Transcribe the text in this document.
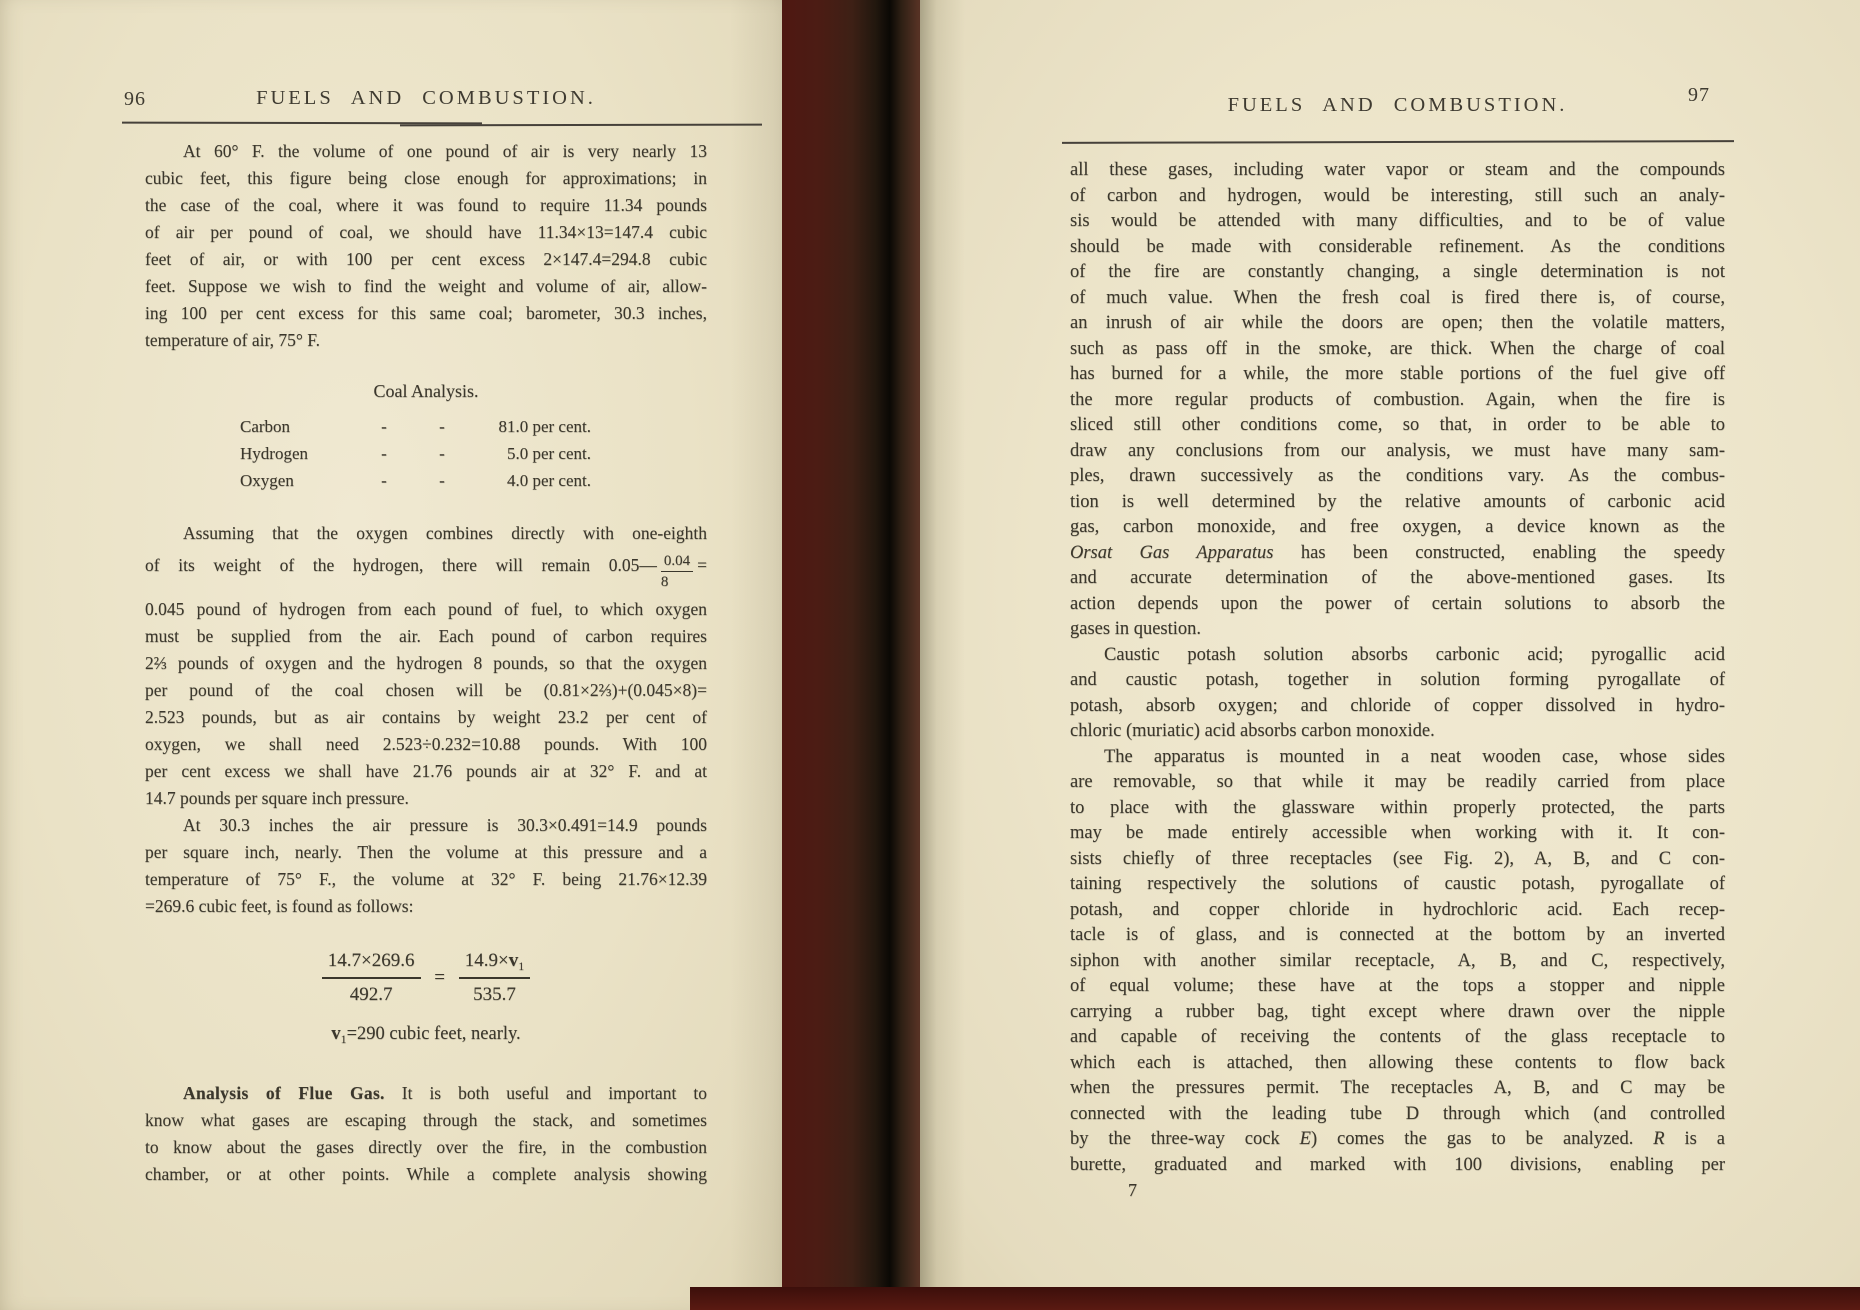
96	FUELS AND COMBUSTION.	97
FUELS AND COMBUSTION.
At 60° F. the volume of one pound of air is very nearly 13
cubic feet, this figure being close enough for approximations; in
the case of the coal, where it was found to require 11.34 pounds
of air per pound of coal, we should have 11.34×13=147.4 cubic
feet of air, or with 100 per cent excess 2×147.4=294.8 cubic
feet. Suppose we wish to find the weight and volume of air, allow-
ing 100 per cent excess for this same coal; barometer, 30.3 inches,
temperature of air, 75° F.
Coal Analysis.
Carbon	-	-	81.0 per cent.
Hydrogen	-	-	5.0 per cent.
Oxygen	-	-	4.0 per cent.
Assuming that the oxygen combines directly with one-eighth
of its weight of the hydrogen, there will remain 0.05— $\frac{0.04}{8}$ =
0.045 pound of hydrogen from each pound of fuel, to which oxygen
must be supplied from the air. Each pound of carbon requires
2⅔ pounds of oxygen and the hydrogen 8 pounds, so that the oxygen
per pound of the coal chosen will be (0.81×2⅔)+(0.045×8)=
2.523 pounds, but as air contains by weight 23.2 per cent of
oxygen, we shall need 2.523÷0.232=10.88 pounds. With 100
per cent excess we shall have 21.76 pounds air at 32° F. and at
14.7 pounds per square inch pressure.
At 30.3 inches the air pressure is 30.3×0.491=14.9 pounds
per square inch, nearly. Then the volume at this pressure and a
temperature of 75° F., the volume at 32° F. being 21.76×12.39
=269.6 cubic feet, is found as follows:
$\frac{14.7\times 269.6}{492.7} = \frac{14.9\times v_1}{535.7}$
$v_1=290$ cubic feet, nearly.
Analysis of Flue Gas. It is both useful and important to
know what gases are escaping through the stack, and sometimes
to know about the gases directly over the fire, in the combustion
chamber, or at other points. While a complete analysis showing
all these gases, including water vapor or steam and the compounds
of carbon and hydrogen, would be interesting, still such an analy-
sis would be attended with many difficulties, and to be of value
should be made with considerable refinement. As the conditions
of the fire are constantly changing, a single determination is not
of much value. When the fresh coal is fired there is, of course,
an inrush of air while the doors are open; then the volatile matters,
such as pass off in the smoke, are thick. When the charge of coal
has burned for a while, the more stable portions of the fuel give off
the more regular products of combustion. Again, when the fire is
sliced still other conditions come, so that, in order to be able to
draw any conclusions from our analysis, we must have many sam-
ples, drawn successively as the conditions vary. As the combus-
tion is well determined by the relative amounts of carbonic acid
gas, carbon monoxide, and free oxygen, a device known as the
Orsat Gas Apparatus has been constructed, enabling the speedy
and accurate determination of the above-mentioned gases. Its
action depends upon the power of certain solutions to absorb the
gases in question.
Caustic potash solution absorbs carbonic acid; pyrogallic acid
and caustic potash, together in solution forming pyrogallate of
potash, absorb oxygen; and chloride of copper dissolved in hydro-
chloric (muriatic) acid absorbs carbon monoxide.
The apparatus is mounted in a neat wooden case, whose sides
are removable, so that while it may be readily carried from place
to place with the glassware within properly protected, the parts
may be made entirely accessible when working with it. It con-
sists chiefly of three receptacles (see Fig. 2), A, B, and C con-
taining respectively the solutions of caustic potash, pyrogallate of
potash, and copper chloride in hydrochloric acid. Each recep-
tacle is of glass, and is connected at the bottom by an inverted
siphon with another similar receptacle, A, B, and C, respectively,
of equal volume; these have at the tops a stopper and nipple
carrying a rubber bag, tight except where drawn over the nipple
and capable of receiving the contents of the glass receptacle to
which each is attached, then allowing these contents to flow back
when the pressures permit. The receptacles A, B, and C may be
connected with the leading tube D through which (and controlled
by the three-way cock E) comes the gas to be analyzed. R is a
burette, graduated and marked with 100 divisions, enabling per
7
